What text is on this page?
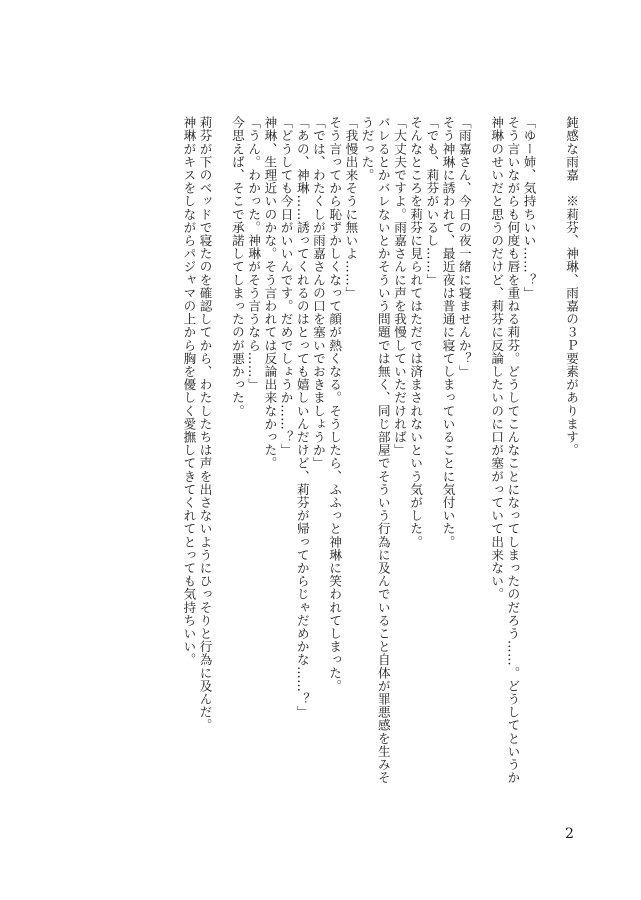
鈍感な雨嘉　※莉芬、神琳、雨嘉の３Ｐ要素があります。
「ゆー姉、気持ちいい……？」
そう言いながらも何度も唇を重ねる莉芬。どうしてこんなことになってしまったのだろう……。どうしてというか
神琳のせいだと思うのだけど、莉芬に反論したいのに口が塞がっていて出来ない。
「雨嘉さん、今日の夜一緒に寝ませんか？」
そう神琳に誘われて、最近夜は普通に寝てしまっていることに気付いた。
「でも、莉芬がいるし……」
そんなところを莉芬に見られてはただでは済まされないという気がした。
「大丈夫ですよ。雨嘉さんに声を我慢していただければ」
バレるとかバレないとかそういう問題では無く、同じ部屋でそういう行為に及んでいること自体が罪悪感を生みそ
うだった。
「我慢出来そうに無いよ……」
そう言ってから恥ずかしくなって顔が熱くなる。そうしたら、ふふっと神琳に笑われてしまった。
「では、わたくしが雨嘉さんの口を塞いでおきましょうか」
「あの、神琳……誘ってくれるのはとっても嬉しいんだけど、莉芬が帰ってからじゃだめかな……？」
「どうしても今日がいいんです。だめでしょうか……？」
神琳、生理近いのかな。そう言われては反論出来なかった。
「うん。わかった。神琳がそう言うなら……」
今思えば、そこで承諾してしまったのが悪かった。
莉芬が下のベッドで寝たのを確認してから、わたしたちは声を出さないようにひっそりと行為に及んだ。
神琳がキスをしながらパジャマの上から胸を優しく愛撫してきてくれてとっても気持ちいい。
2
